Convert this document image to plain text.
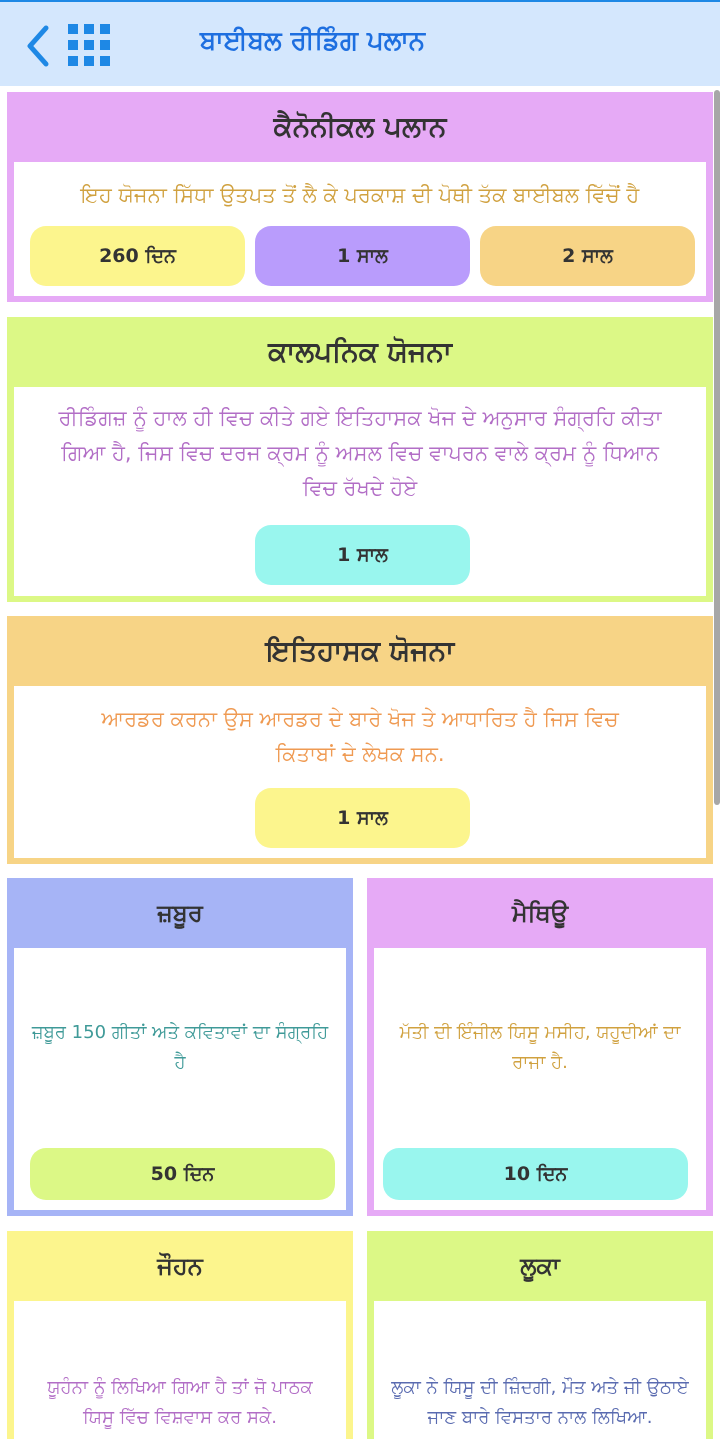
ਬਾਈਬਲ ਰੀਡਿੰਗ ਪਲਾਨ
ਕੈਨੋਨੀਕਲ ਪਲਾਨ
ਇਹ ਯੋਜਨਾ ਸਿੱਧਾ ਉਤਪਤ ਤੋਂ ਲੈ ਕੇ ਪਰਕਾਸ਼ ਦੀ ਪੋਥੀ ਤੱਕ ਬਾਈਬਲ ਵਿੱਚੋਂ ਹੈ
260 ਦਿਨ	1 ਸਾਲ	2 ਸਾਲ
ਕਾਲਪਨਿਕ ਯੋਜਨਾ
ਰੀਡਿੰਗਜ਼ ਨੂੰ ਹਾਲ ਹੀ ਵਿਚ ਕੀਤੇ ਗਏ ਇਤਿਹਾਸਕ ਖੋਜ ਦੇ ਅਨੁਸਾਰ ਸੰਗ੍ਰਹਿ ਕੀਤਾ ਗਿਆ ਹੈ, ਜਿਸ ਵਿਚ ਦਰਜ ਕ੍ਰਮ ਨੂੰ ਅਸਲ ਵਿਚ ਵਾਪਰਨ ਵਾਲੇ ਕ੍ਰਮ ਨੂੰ ਧਿਆਨ ਵਿਚ ਰੱਖਦੇ ਹੋਏ
1 ਸਾਲ
ਇਤਿਹਾਸਕ ਯੋਜਨਾ
ਆਰਡਰ ਕਰਨਾ ਉਸ ਆਰਡਰ ਦੇ ਬਾਰੇ ਖੋਜ ਤੇ ਆਧਾਰਿਤ ਹੈ ਜਿਸ ਵਿਚ ਕਿਤਾਬਾਂ ਦੇ ਲੇਖਕ ਸਨ.
1 ਸਾਲ
ਜ਼ਬੂਰ
ਜ਼ਬੂਰ 150 ਗੀਤਾਂ ਅਤੇ ਕਵਿਤਾਵਾਂ ਦਾ ਸੰਗ੍ਰਹਿ ਹੈ
50 ਦਿਨ
ਮੈਥਿਊ
ਮੱਤੀ ਦੀ ਇੰਜੀਲ ਯਿਸੂ ਮਸੀਹ, ਯਹੂਦੀਆਂ ਦਾ ਰਾਜਾ ਹੈ.
10 ਦਿਨ
ਜੌਹਨ
ਯੂਹੰਨਾ ਨੂੰ ਲਿਖਿਆ ਗਿਆ ਹੈ ਤਾਂ ਜੋ ਪਾਠਕ ਯਿਸੂ ਵਿੱਚ ਵਿਸ਼ਵਾਸ ਕਰ ਸਕੇ.
ਲੂਕਾ
ਲੂਕਾ ਨੇ ਯਿਸੂ ਦੀ ਜ਼ਿੰਦਗੀ, ਮੌਤ ਅਤੇ ਜੀ ਉਠਾਏ ਜਾਣ ਬਾਰੇ ਵਿਸਤਾਰ ਨਾਲ ਲਿਖਿਆ.
